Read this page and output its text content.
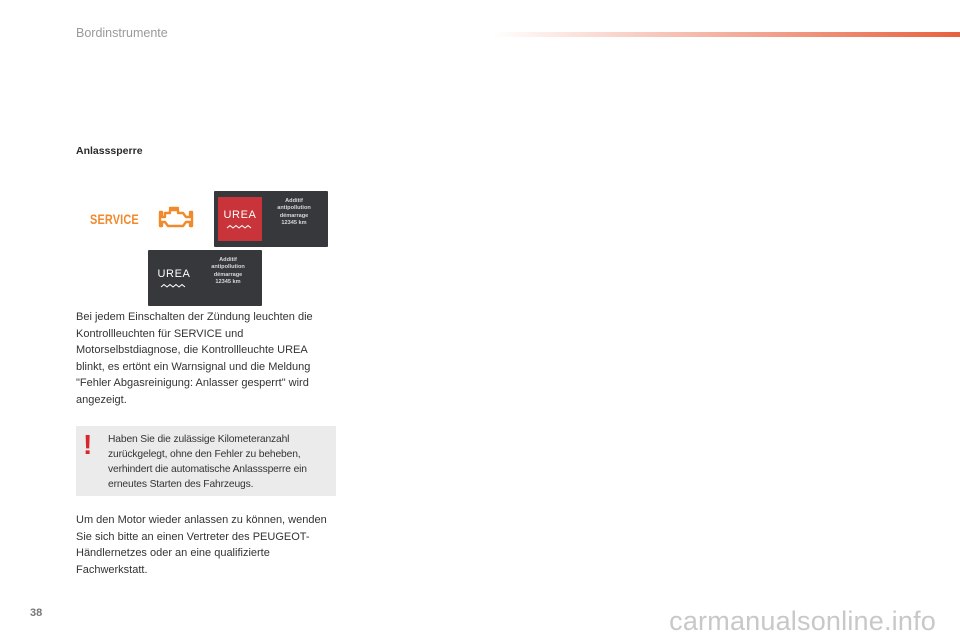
Bordinstrumente
Anlasssperre
SERVICE	UREA
Additif
antipollution
démarrage
12345 km
UREA
Additif
antipollution
démarrage
12345 km

Bei jedem Einschalten der Zündung leuchten die Kontrollleuchten für SERVICE und Motorselbstdiagnose, die Kontrollleuchte UREA blinkt, es ertönt ein Warnsignal und die Meldung "Fehler Abgasreinigung: Anlasser gesperrt" wird angezeigt.

! Haben Sie die zulässige Kilometeranzahl zurückgelegt, ohne den Fehler zu beheben, verhindert die automatische Anlasssperre ein erneutes Starten des Fahrzeugs.

Um den Motor wieder anlassen zu können, wenden Sie sich bitte an einen Vertreter des PEUGEOT-Händlernetzes oder an eine qualifizierte Fachwerkstatt.

38	carmanualsonline.info
